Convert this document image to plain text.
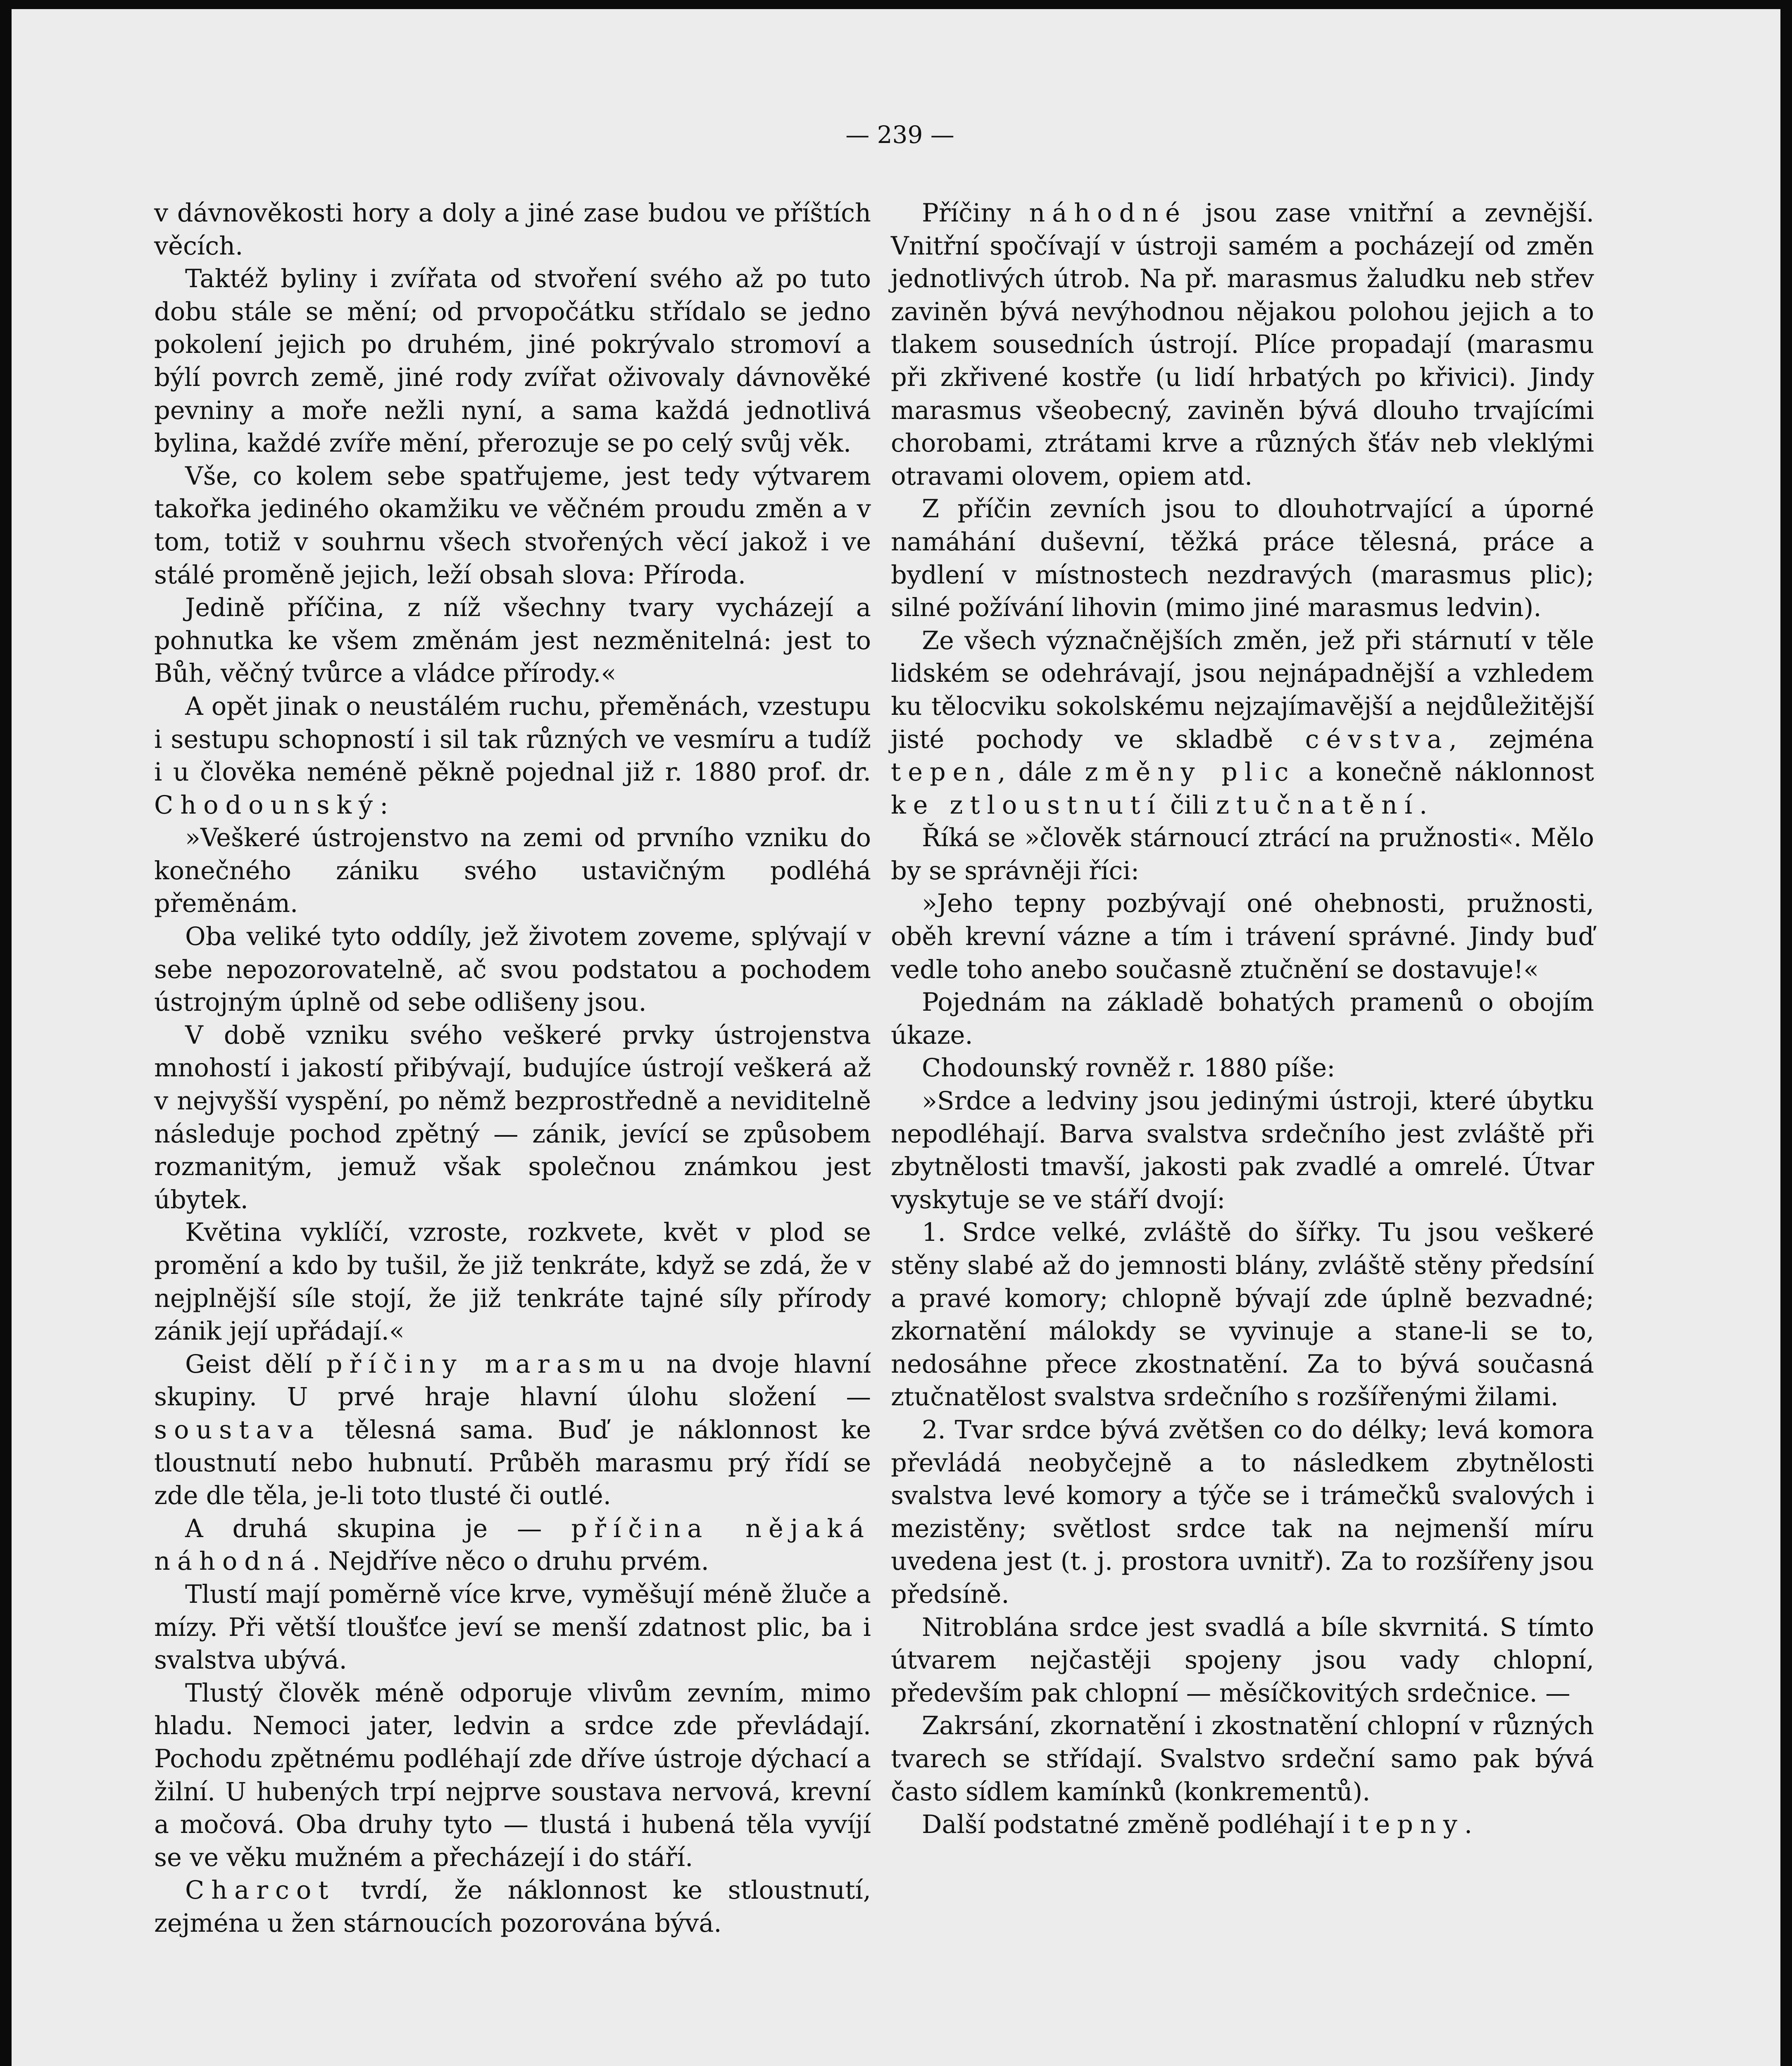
— 239 —

v dávnověkosti hory a doly a jiné zase budou ve příštích věcích.

Taktéž byliny i zvířata od stvoření svého až po tuto dobu stále se mění; od prvopočátku střídalo se jedno pokolení jejich po druhém, jiné pokrývalo stromoví a býlí povrch země, jiné rody zvířat oživovaly dávnověké pevniny a moře nežli nyní, a sama každá jednotlivá bylina, každé zvíře mění, přerozuje se po celý svůj věk.

Vše, co kolem sebe spatřujeme, jest tedy výtvarem takořka jediného okamžiku ve věčném proudu změn a v tom, totiž v souhrnu všech stvořených věcí jakož i ve stálé proměně jejich, leží obsah slova: Příroda.

Jedině příčina, z níž všechny tvary vycházejí a pohnutka ke všem změnám jest nezměnitelná: jest to Bůh, věčný tvůrce a vládce přírody.«

A opět jinak o neustálém ruchu, přeměnách, vzestupu i sestupu schopností i sil tak různých ve vesmíru a tudíž i u člověka neméně pěkně pojednal již r. 1880 prof. dr. Chodounský:

»Veškeré ústrojenstvo na zemi od prvního vzniku do konečného zániku svého ustavičným podléhá přeměnám.

Oba veliké tyto oddíly, jež životem zoveme, splývají v sebe nepozorovatelně, ač svou podstatou a pochodem ústrojným úplně od sebe odlišeny jsou.

V době vzniku svého veškeré prvky ústrojenstva mnohostí i jakostí přibývají, budujíce ústrojí veškerá až v nejvyšší vyspění, po němž bezprostředně a neviditelně následuje pochod zpětný — zánik, jevící se způsobem rozmanitým, jemuž však společnou známkou jest úbytek.

Květina vyklíčí, vzroste, rozkvete, květ v plod se promění a kdo by tušil, že již tenkráte, když se zdá, že v nejplnější síle stojí, že již tenkráte tajné síly přírody zánik její upřádají.«

Geist dělí příčiny marasmu na dvoje hlavní skupiny. U prvé hraje hlavní úlohu složení — soustava tělesná sama. Buď je náklonnost ke tloustnutí nebo hubnutí. Průběh marasmu prý řídí se zde dle těla, je-li toto tlusté či outlé.

A druhá skupina je — příčina nějaká náhodná. Nejdříve něco o druhu prvém.

Tlustí mají poměrně více krve, vyměšují méně žluče a mízy. Při větší tloušťce jeví se menší zdatnost plic, ba i svalstva ubývá.

Tlustý člověk méně odporuje vlivům zevním, mimo hladu. Nemoci jater, ledvin a srdce zde převládají. Pochodu zpětnému podléhají zde dříve ústroje dýchací a žilní. U hubených trpí nejprve soustava nervová, krevní a močová. Oba druhy tyto — tlustá i hubená těla vyvíjí se ve věku mužném a přecházejí i do stáří.

Charcot tvrdí, že náklonnost ke stloustnutí, zejména u žen stárnoucích pozorována bývá.

Příčiny náhodné jsou zase vnitřní a zevnější. Vnitřní spočívají v ústroji samém a pocházejí od změn jednotlivých útrob. Na př. marasmus žaludku neb střev zaviněn bývá nevýhodnou nějakou polohou jejich a to tlakem sousedních ústrojí. Plíce propadají (marasmu při zkřivené kostře (u lidí hrbatých po křivici). Jindy marasmus všeobecný, zaviněn bývá dlouho trvajícími chorobami, ztrátami krve a různých šťáv neb vleklými otravami olovem, opiem atd.

Z příčin zevních jsou to dlouhotrvající a úporné namáhání duševní, těžká práce tělesná, práce a bydlení v místnostech nezdravých (marasmus plic); silné požívání lihovin (mimo jiné marasmus ledvin).

Ze všech význačnějších změn, jež při stárnutí v těle lidském se odehrávají, jsou nejnápadnější a vzhledem ku tělocviku sokolskému nejzajímavější a nejdůležitější jisté pochody ve skladbě cévstva, zejména tepen, dále změny plic a konečně náklonnost ke ztloustnutí čili ztučnatění.

Říká se »člověk stárnoucí ztrácí na pružnosti«. Mělo by se správněji říci:

»Jeho tepny pozbývají oné ohebnosti, pružnosti, oběh krevní vázne a tím i trávení správné. Jindy buď vedle toho anebo současně ztučnění se dostavuje!«

Pojednám na základě bohatých pramenů o obojím úkaze.

Chodounský rovněž r. 1880 píše:

»Srdce a ledviny jsou jedinými ústroji, které úbytku nepodléhají. Barva svalstva srdečního jest zvláště při zbytnělosti tmavší, jakosti pak zvadlé a omrelé. Útvar vyskytuje se ve stáří dvojí:

1. Srdce velké, zvláště do šířky. Tu jsou veškeré stěny slabé až do jemnosti blány, zvláště stěny předsíní a pravé komory; chlopně bývají zde úplně bezvadné; zkornatění málokdy se vyvinuje a stane-li se to, nedosáhne přece zkostnatění. Za to bývá současná ztučnatělost svalstva srdečního s rozšířenými žilami.

2. Tvar srdce bývá zvětšen co do délky; levá komora převládá neobyčejně a to následkem zbytnělosti svalstva levé komory a týče se i trámečků svalových i mezistěny; světlost srdce tak na nejmenší míru uvedena jest (t. j. prostora uvnitř). Za to rozšířeny jsou předsíně.

Nitroblána srdce jest svadlá a bíle skvrnitá. S tímto útvarem nejčastěji spojeny jsou vady chlopní, především pak chlopní — měsíčkovitých srdečnice. —

Zakrsání, zkornatění i zkostnatění chlopní v různých tvarech se střídají. Svalstvo srdeční samo pak bývá často sídlem kamínků (konkrementů).

Další podstatné změně podléhají i tepny.
